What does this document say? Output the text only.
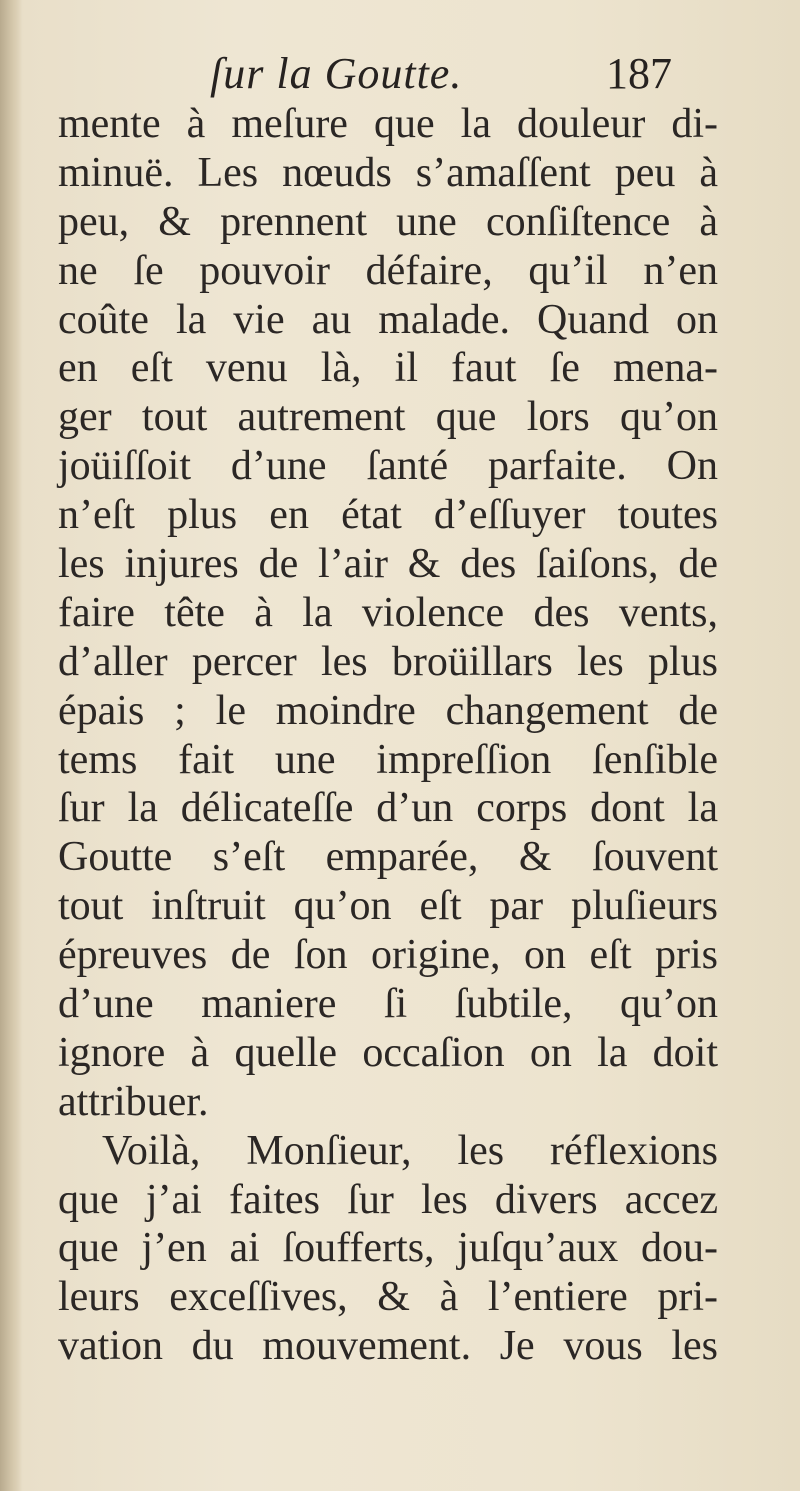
ſur la Goutte.	187
mente à meſure que la douleur di-
minuë. Les nœuds s’amaſſent peu à
peu, & prennent une conſiſtence à
ne ſe pouvoir défaire, qu’il n’en
coûte la vie au malade. Quand on
en eſt venu là, il faut ſe mena-
ger tout autrement que lors qu’on
joüiſſoit d’une ſanté parfaite. On
n’eſt plus en état d’eſſuyer toutes
les injures de l’air & des ſaiſons, de
faire tête à la violence des vents,
d’aller percer les broüillars les plus
épais ; le moindre changement de
tems fait une impreſſion ſenſible
ſur la délicateſſe d’un corps dont la
Goutte s’eſt emparée, & ſouvent
tout inſtruit qu’on eſt par pluſieurs
épreuves de ſon origine, on eſt pris
d’une maniere ſi ſubtile, qu’on
ignore à quelle occaſion on la doit
attribuer.
Voilà, Monſieur, les réflexions
que j’ai faites ſur les divers accez
que j’en ai ſoufferts, juſqu’aux dou-
leurs exceſſives, & à l’entiere pri-
vation du mouvement. Je vous les
